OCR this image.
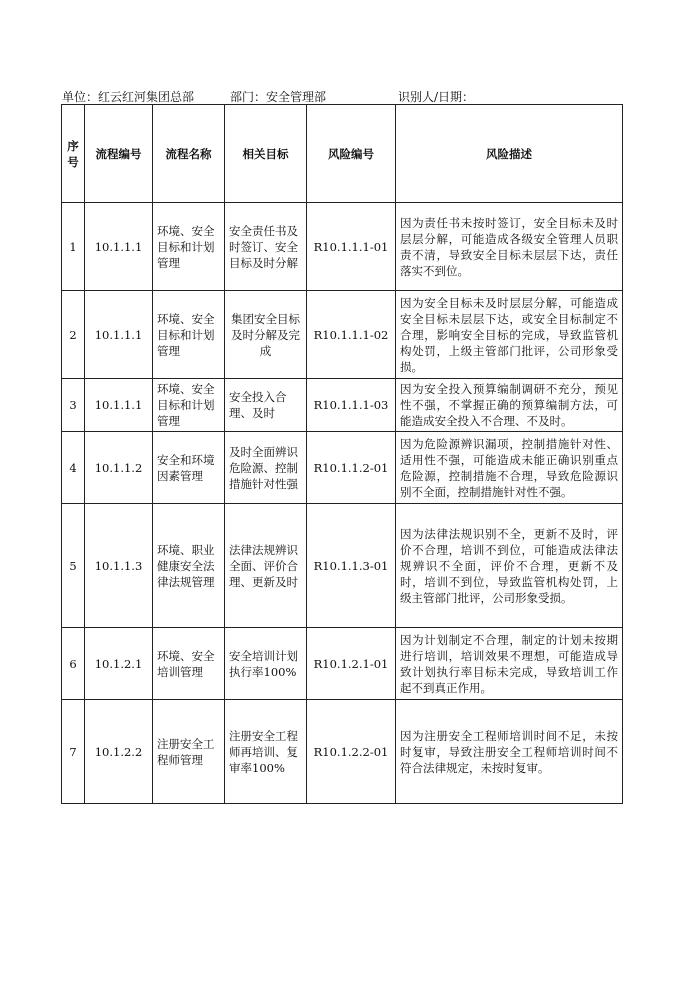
单位：红云红河集团总部	部门：安全管理部	识别人/日期：
序号	流程编号	流程名称	相关目标	风险编号	风险描述
1	10.1.1.1	环境、安全目标和计划管理	安全责任书及时签订、安全目标及时分解	R10.1.1.1-01	因为责任书未按时签订，安全目标未及时层层分解，可能造成各级安全管理人员职责不清，导致安全目标未层层下达，责任落实不到位。
2	10.1.1.1	环境、安全目标和计划管理	集团安全目标及时分解及完成	R10.1.1.1-02	因为安全目标未及时层层分解，可能造成安全目标未层层下达，或安全目标制定不合理，影响安全目标的完成，导致监管机构处罚，上级主管部门批评，公司形象受损。
3	10.1.1.1	环境、安全目标和计划管理	安全投入合理、及时	R10.1.1.1-03	因为安全投入预算编制调研不充分，预见性不强，不掌握正确的预算编制方法，可能造成安全投入不合理、不及时。
4	10.1.1.2	安全和环境因素管理	及时全面辨识危险源、控制措施针对性强	R10.1.1.2-01	因为危险源辨识漏项，控制措施针对性、适用性不强，可能造成未能正确识别重点危险源，控制措施不合理，导致危险源识别不全面，控制措施针对性不强。
5	10.1.1.3	环境、职业健康安全法律法规管理	法律法规辨识全面、评价合理、更新及时	R10.1.1.3-01	因为法律法规识别不全，更新不及时，评价不合理，培训不到位，可能造成法律法规辨识不全面，评价不合理，更新不及时，培训不到位，导致监管机构处罚，上级主管部门批评，公司形象受损。
6	10.1.2.1	环境、安全培训管理	安全培训计划执行率100%	R10.1.2.1-01	因为计划制定不合理，制定的计划未按期进行培训，培训效果不理想，可能造成导致计划执行率目标未完成，导致培训工作起不到真正作用。
7	10.1.2.2	注册安全工程师管理	注册安全工程师再培训、复审率100%	R10.1.2.2-01	因为注册安全工程师培训时间不足，未按时复审，导致注册安全工程师培训时间不符合法律规定，未按时复审。
